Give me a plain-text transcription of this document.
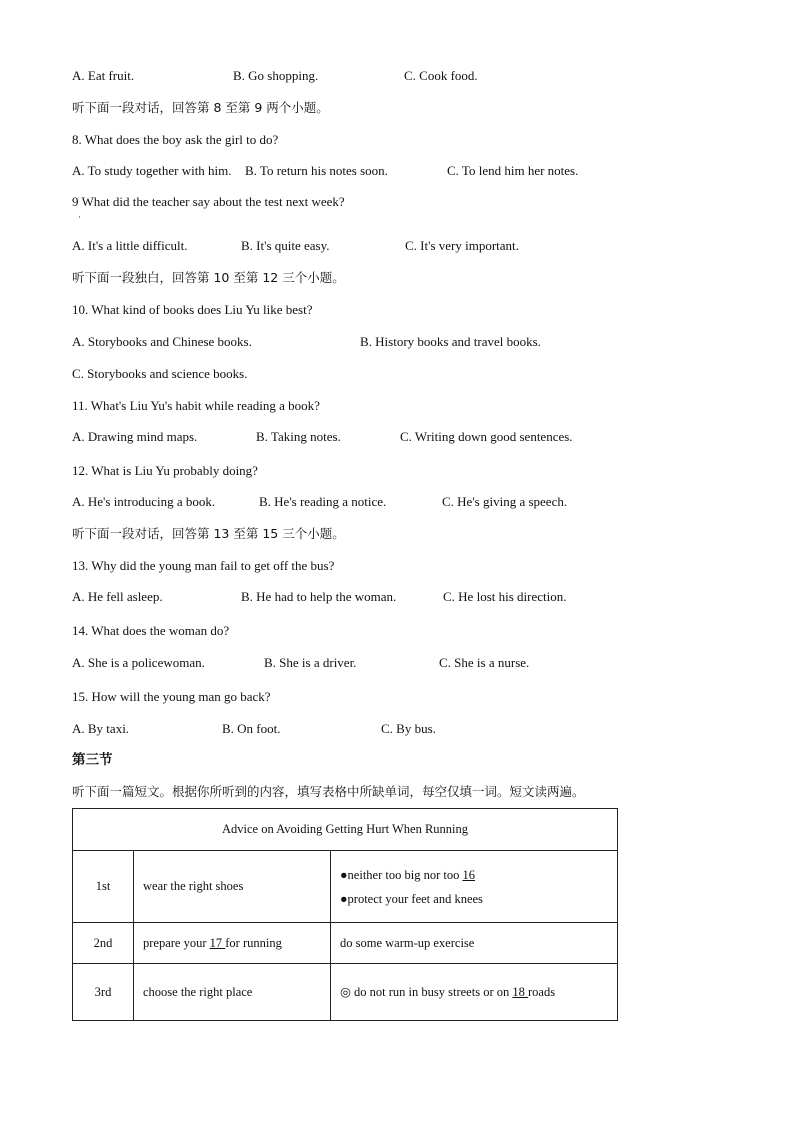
A. Eat fruit.	B. Go shopping.	C. Cook food.
听下面一段对话，回答第 8 至第 9 两个小题。
8. What does the boy ask the girl to do?
A. To study together with him. B. To return his notes soon.	C. To lend him her notes.
9 What did the teacher say about the test next week?
·
A. It's a little difficult.	B. It's quite easy.	C. It's very important.
听下面一段独白，回答第 10 至第 12 三个小题。
10. What kind of books does Liu Yu like best?
A. Storybooks and Chinese books.	B. History books and travel books.
C. Storybooks and science books.
11. What's Liu Yu's habit while reading a book?
A. Drawing mind maps.	B. Taking notes.	C. Writing down good sentences.
12. What is Liu Yu probably doing?
A. He's introducing a book.	B. He's reading a notice.	C. He's giving a speech.
听下面一段对话，回答第 13 至第 15 三个小题。
13. Why did the young man fail to get off the bus?
A. He fell asleep.	B. He had to help the woman.	C. He lost his direction.
14. What does the woman do?
A. She is a policewoman.	B. She is a driver.	C. She is a nurse.
15. How will the young man go back?
A. By taxi.	B. On foot.	C. By bus.
第三节
听下面一篇短文。根据你所听到的内容，填写表格中所缺单词，每空仅填一词。短文读两遍。
Advice on Avoiding Getting Hurt When Running		
1st	wear the right shoes	●neither too big nor too 16
●protect your feet and knees

2nd	prepare your 17 for running	do some warm-up exercise
3rd	choose the right place	◎ do not run in busy streets or on 18 roads
